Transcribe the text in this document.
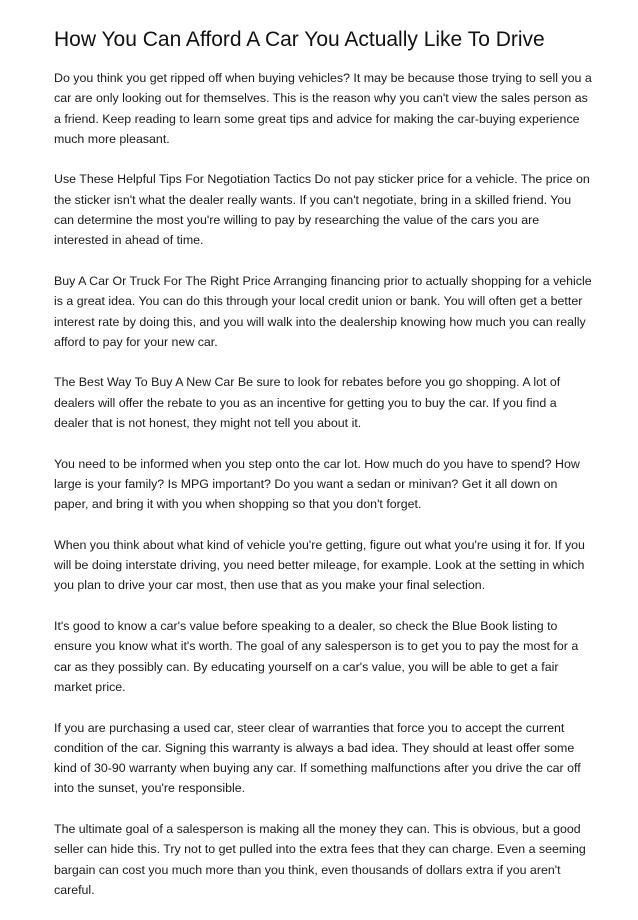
How You Can Afford A Car You Actually Like To Drive

Do you think you get ripped off when buying vehicles? It may be because those trying to sell you a car are only looking out for themselves. This is the reason why you can't view the sales person as a friend. Keep reading to learn some great tips and advice for making the car-buying experience much more pleasant.

Use These Helpful Tips For Negotiation Tactics Do not pay sticker price for a vehicle. The price on the sticker isn't what the dealer really wants. If you can't negotiate, bring in a skilled friend. You can determine the most you're willing to pay by researching the value of the cars you are interested in ahead of time.

Buy A Car Or Truck For The Right Price Arranging financing prior to actually shopping for a vehicle is a great idea. You can do this through your local credit union or bank. You will often get a better interest rate by doing this, and you will walk into the dealership knowing how much you can really afford to pay for your new car.

The Best Way To Buy A New Car Be sure to look for rebates before you go shopping. A lot of dealers will offer the rebate to you as an incentive for getting you to buy the car. If you find a dealer that is not honest, they might not tell you about it.

You need to be informed when you step onto the car lot. How much do you have to spend? How large is your family? Is MPG important? Do you want a sedan or minivan? Get it all down on paper, and bring it with you when shopping so that you don't forget.

When you think about what kind of vehicle you're getting, figure out what you're using it for. If you will be doing interstate driving, you need better mileage, for example. Look at the setting in which you plan to drive your car most, then use that as you make your final selection.

It's good to know a car's value before speaking to a dealer, so check the Blue Book listing to ensure you know what it's worth. The goal of any salesperson is to get you to pay the most for a car as they possibly can. By educating yourself on a car's value, you will be able to get a fair market price.

If you are purchasing a used car, steer clear of warranties that force you to accept the current condition of the car. Signing this warranty is always a bad idea. They should at least offer some kind of 30-90 warranty when buying any car. If something malfunctions after you drive the car off into the sunset, you're responsible.

The ultimate goal of a salesperson is making all the money they can. This is obvious, but a good seller can hide this. Try not to get pulled into the extra fees that they can charge. Even a seeming bargain can cost you much more than you think, even thousands of dollars extra if you aren't careful.
